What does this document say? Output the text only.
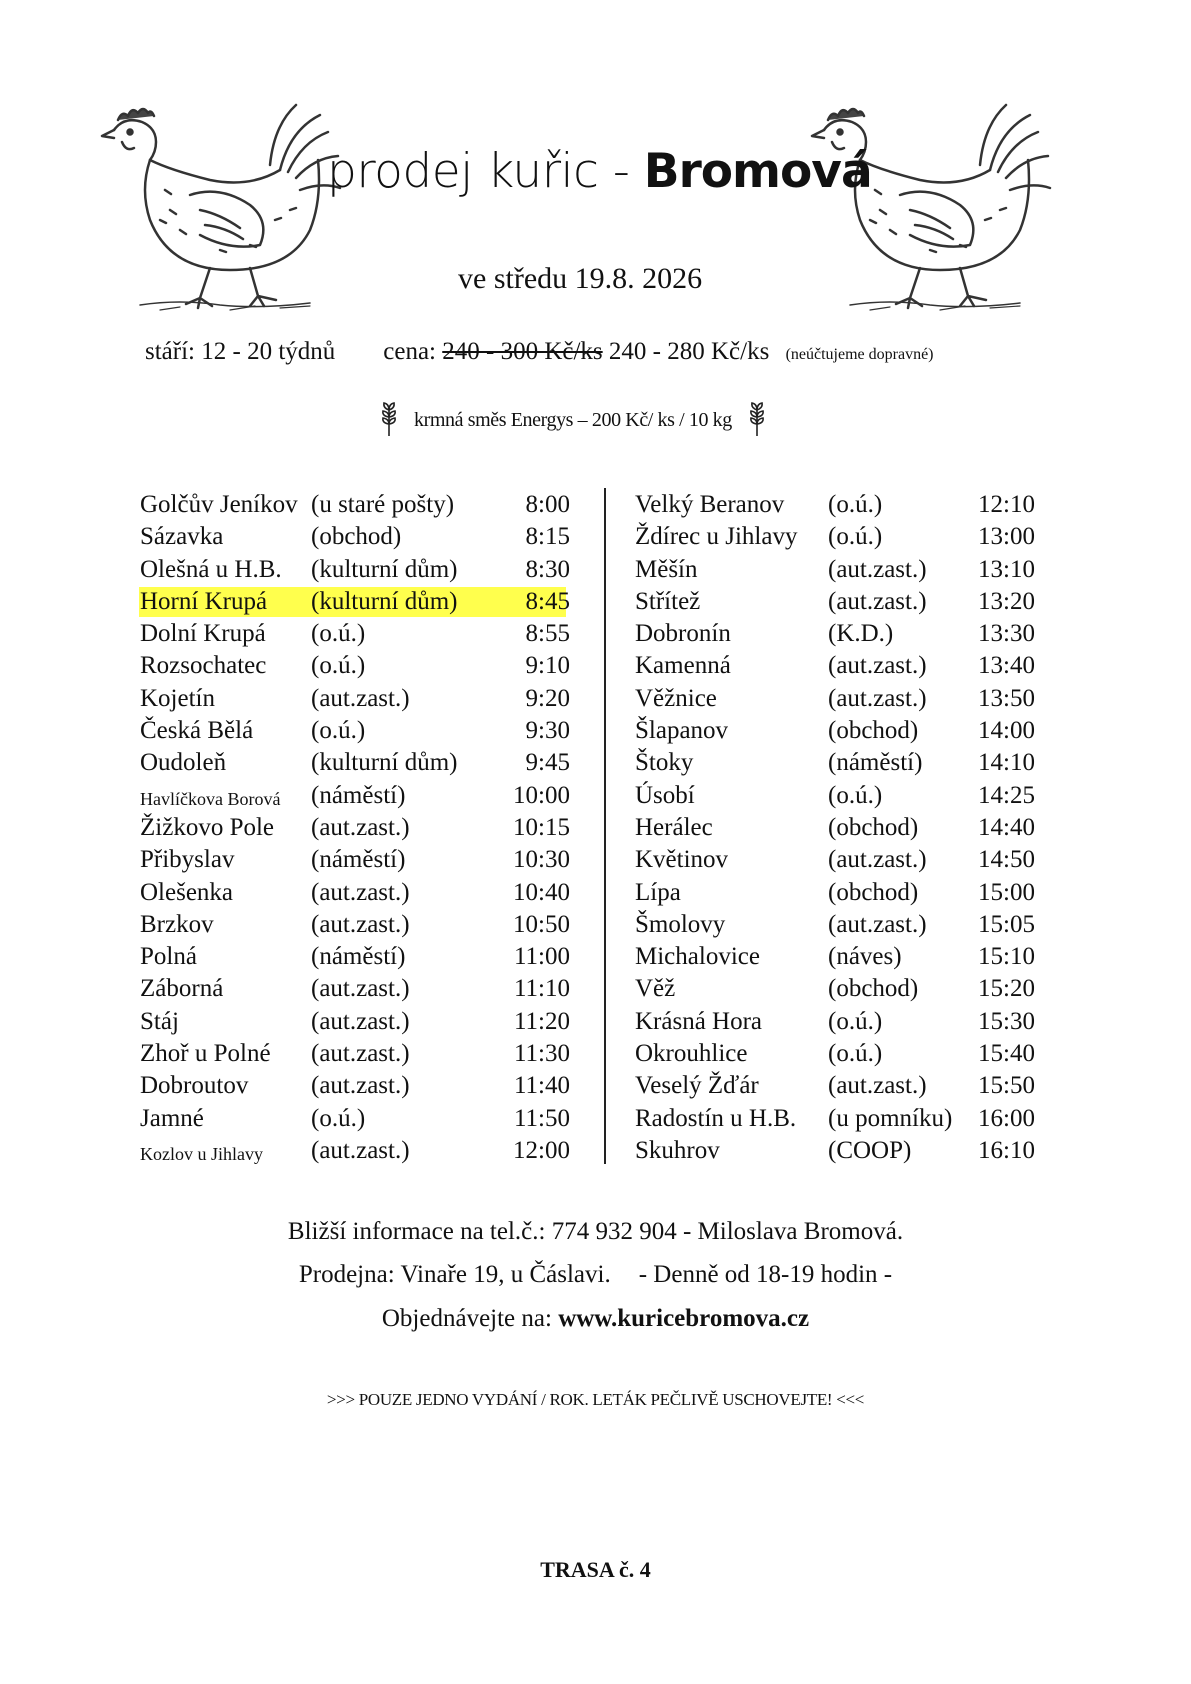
prodej kuřic - Bromová
ve středu 19.8. 2026
stáří: 12 - 20 týdnů cena: 240 - 300 Kč/ks 240 - 280 Kč/ks (neúčtujeme dopravné)
krmná směs Energys – 200 Kč/ ks / 10 kg
Golčův Jeníkov (u staré pošty)	8:00
Sázavka	(obchod)	8:15
Olešná u H.B. (kulturní dům)	8:30
Horní Krupá (kulturní dům)	8:45
Dolní Krupá (o.ú.)	8:55
Rozsochatec (o.ú.)	9:10
Kojetín	(aut.zast.)	9:20
Česká Bělá (o.ú.)	9:30
Oudoleň	(kulturní dům)	9:45
Havlíčkova Borová (náměstí)	10:00
Žižkovo Pole (aut.zast.)	10:15
Přibyslav	(náměstí)	10:30
Olešenka	(aut.zast.)	10:40
Brzkov	(aut.zast.)	10:50
Polná	(náměstí)	11:00
Záborná	(aut.zast.)	11:10
Stáj	(aut.zast.)	11:20
Zhoř u Polné (aut.zast.)	11:30
Dobroutov	(aut.zast.)	11:40
Jamné	(o.ú.)	11:50
Kozlov u Jihlavy (aut.zast.)	12:00
Velký Beranov (o.ú.)	12:10
Ždírec u Jihlavy (o.ú.)	13:00
Měšín	(aut.zast.) 13:10
Střítež	(aut.zast.) 13:20
Dobronín	(K.D.)	13:30
Kamenná	(aut.zast.) 13:40
Věžnice	(aut.zast.) 13:50
Šlapanov	(obchod) 14:00
Štoky	(náměstí) 14:10
Úsobí	(o.ú.)	14:25
Herálec	(obchod) 14:40
Květinov	(aut.zast.) 14:50
Lípa	(obchod) 15:00
Šmolovy	(aut.zast.) 15:05
Michalovice	(náves)	15:10
Věž	(obchod) 15:20
Krásná Hora	(o.ú.)	15:30
Okrouhlice	(o.ú.)	15:40
Veselý Žďár	(aut.zast.) 15:50
Radostín u H.B. (u pomníku) 16:00
Skuhrov	(COOP)	16:10
Bližší informace na tel.č.: 774 932 904 - Miloslava Bromová.
Prodejna: Vinaře 19, u Čáslavi. - Denně od 18-19 hodin -
Objednávejte na: www.kuricebromova.cz
>>> POUZE JEDNO VYDÁNÍ / ROK. LETÁK PEČLIVĚ USCHOVEJTE! <<<
TRASA č. 4
